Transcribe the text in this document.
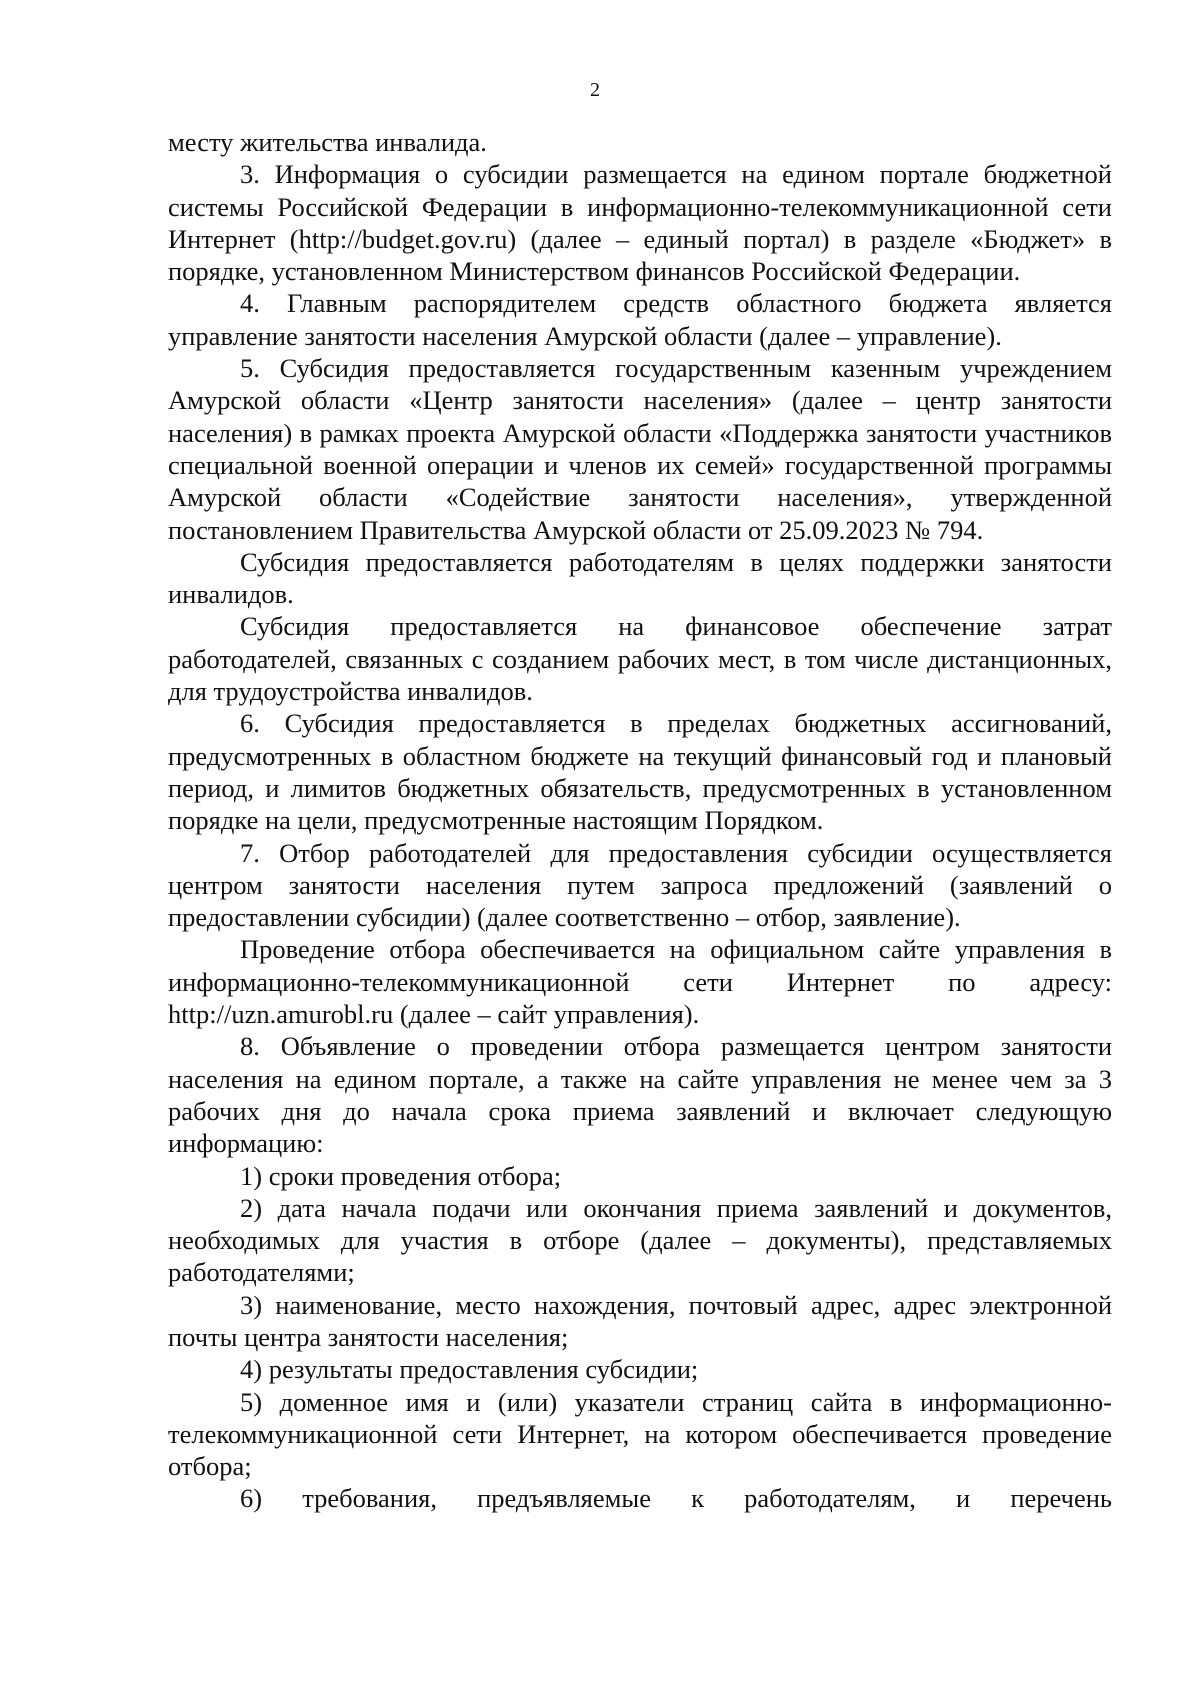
2

месту жительства инвалида.

3. Информация о субсидии размещается на едином портале бюджетной системы Российской Федерации в информационно-телекоммуникационной сети Интернет (http://budget.gov.ru) (далее – единый портал) в разделе «Бюджет» в порядке, установленном Министерством финансов Российской Федерации.

4. Главным распорядителем средств областного бюджета является управление занятости населения Амурской области (далее – управление).

5. Субсидия предоставляется государственным казенным учреждением Амурской области «Центр занятости населения» (далее – центр занятости населения) в рамках проекта Амурской области «Поддержка занятости участников специальной военной операции и членов их семей» государственной программы Амурской области «Содействие занятости населения», утвержденной постановлением Правительства Амурской области от 25.09.2023 № 794.

Субсидия предоставляется работодателям в целях поддержки занятости инвалидов.

Субсидия предоставляется на финансовое обеспечение затрат работодателей, связанных с созданием рабочих мест, в том числе дистанционных, для трудоустройства инвалидов.

6. Субсидия предоставляется в пределах бюджетных ассигнований, предусмотренных в областном бюджете на текущий финансовый год и плановый период, и лимитов бюджетных обязательств, предусмотренных в установленном порядке на цели, предусмотренные настоящим Порядком.

7. Отбор работодателей для предоставления субсидии осуществляется центром занятости населения путем запроса предложений (заявлений о предоставлении субсидии) (далее соответственно – отбор, заявление).

Проведение отбора обеспечивается на официальном сайте управления в информационно-телекоммуникационной сети Интернет по адресу: http://uzn.amurobl.ru (далее – сайт управления).

8. Объявление о проведении отбора размещается центром занятости населения на едином портале, а также на сайте управления не менее чем за 3 рабочих дня до начала срока приема заявлений и включает следующую информацию:

1) сроки проведения отбора;

2) дата начала подачи или окончания приема заявлений и документов, необходимых для участия в отборе (далее – документы), представляемых работодателями;

3) наименование, место нахождения, почтовый адрес, адрес электронной почты центра занятости населения;

4) результаты предоставления субсидии;

5) доменное имя и (или) указатели страниц сайта в информационно-телекоммуникационной сети Интернет, на котором обеспечивается проведение отбора;

6) требования, предъявляемые к работодателям, и перечень
